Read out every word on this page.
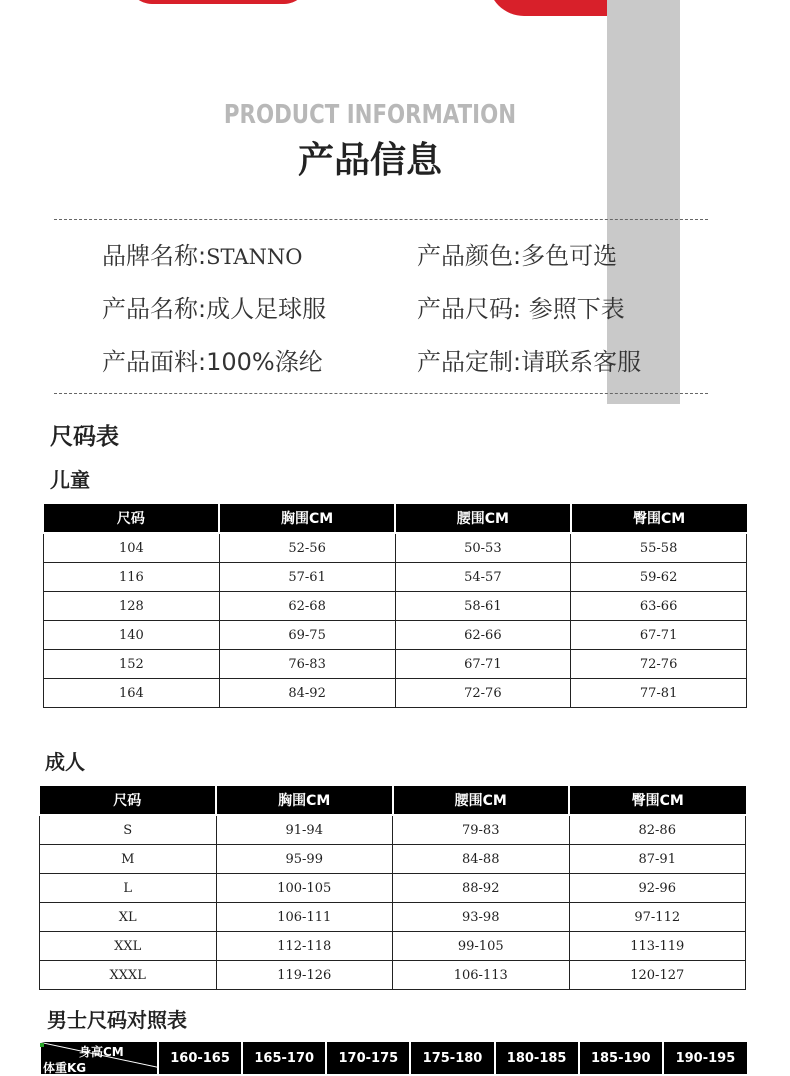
PRODUCT INFORMATION
产品信息
品牌名称:STANNO	产品颜色:多色可选
产品名称:成人足球服	产品尺码: 参照下表
产品面料:100%涤纶	产品定制:请联系客服
尺码表
儿童
尺码	胸围CM	腰围CM	臀围CM
104	52-56	50-53	55-58
116	57-61	54-57	59-62
128	62-68	58-61	63-66
140	69-75	62-66	67-71
152	76-83	67-71	72-76
164	84-92	72-76	77-81
成人
尺码	胸围CM	腰围CM	臀围CM
S	91-94	79-83	82-86
M	95-99	84-88	87-91
L	100-105	88-92	92-96
XL	106-111	93-98	97-112
XXL	112-118	99-105	113-119
XXXL	119-126	106-113	120-127
男士尺码对照表
身高CM
体重KG
	160-165	165-170	170-175	175-180	180-185	185-190	190-195
